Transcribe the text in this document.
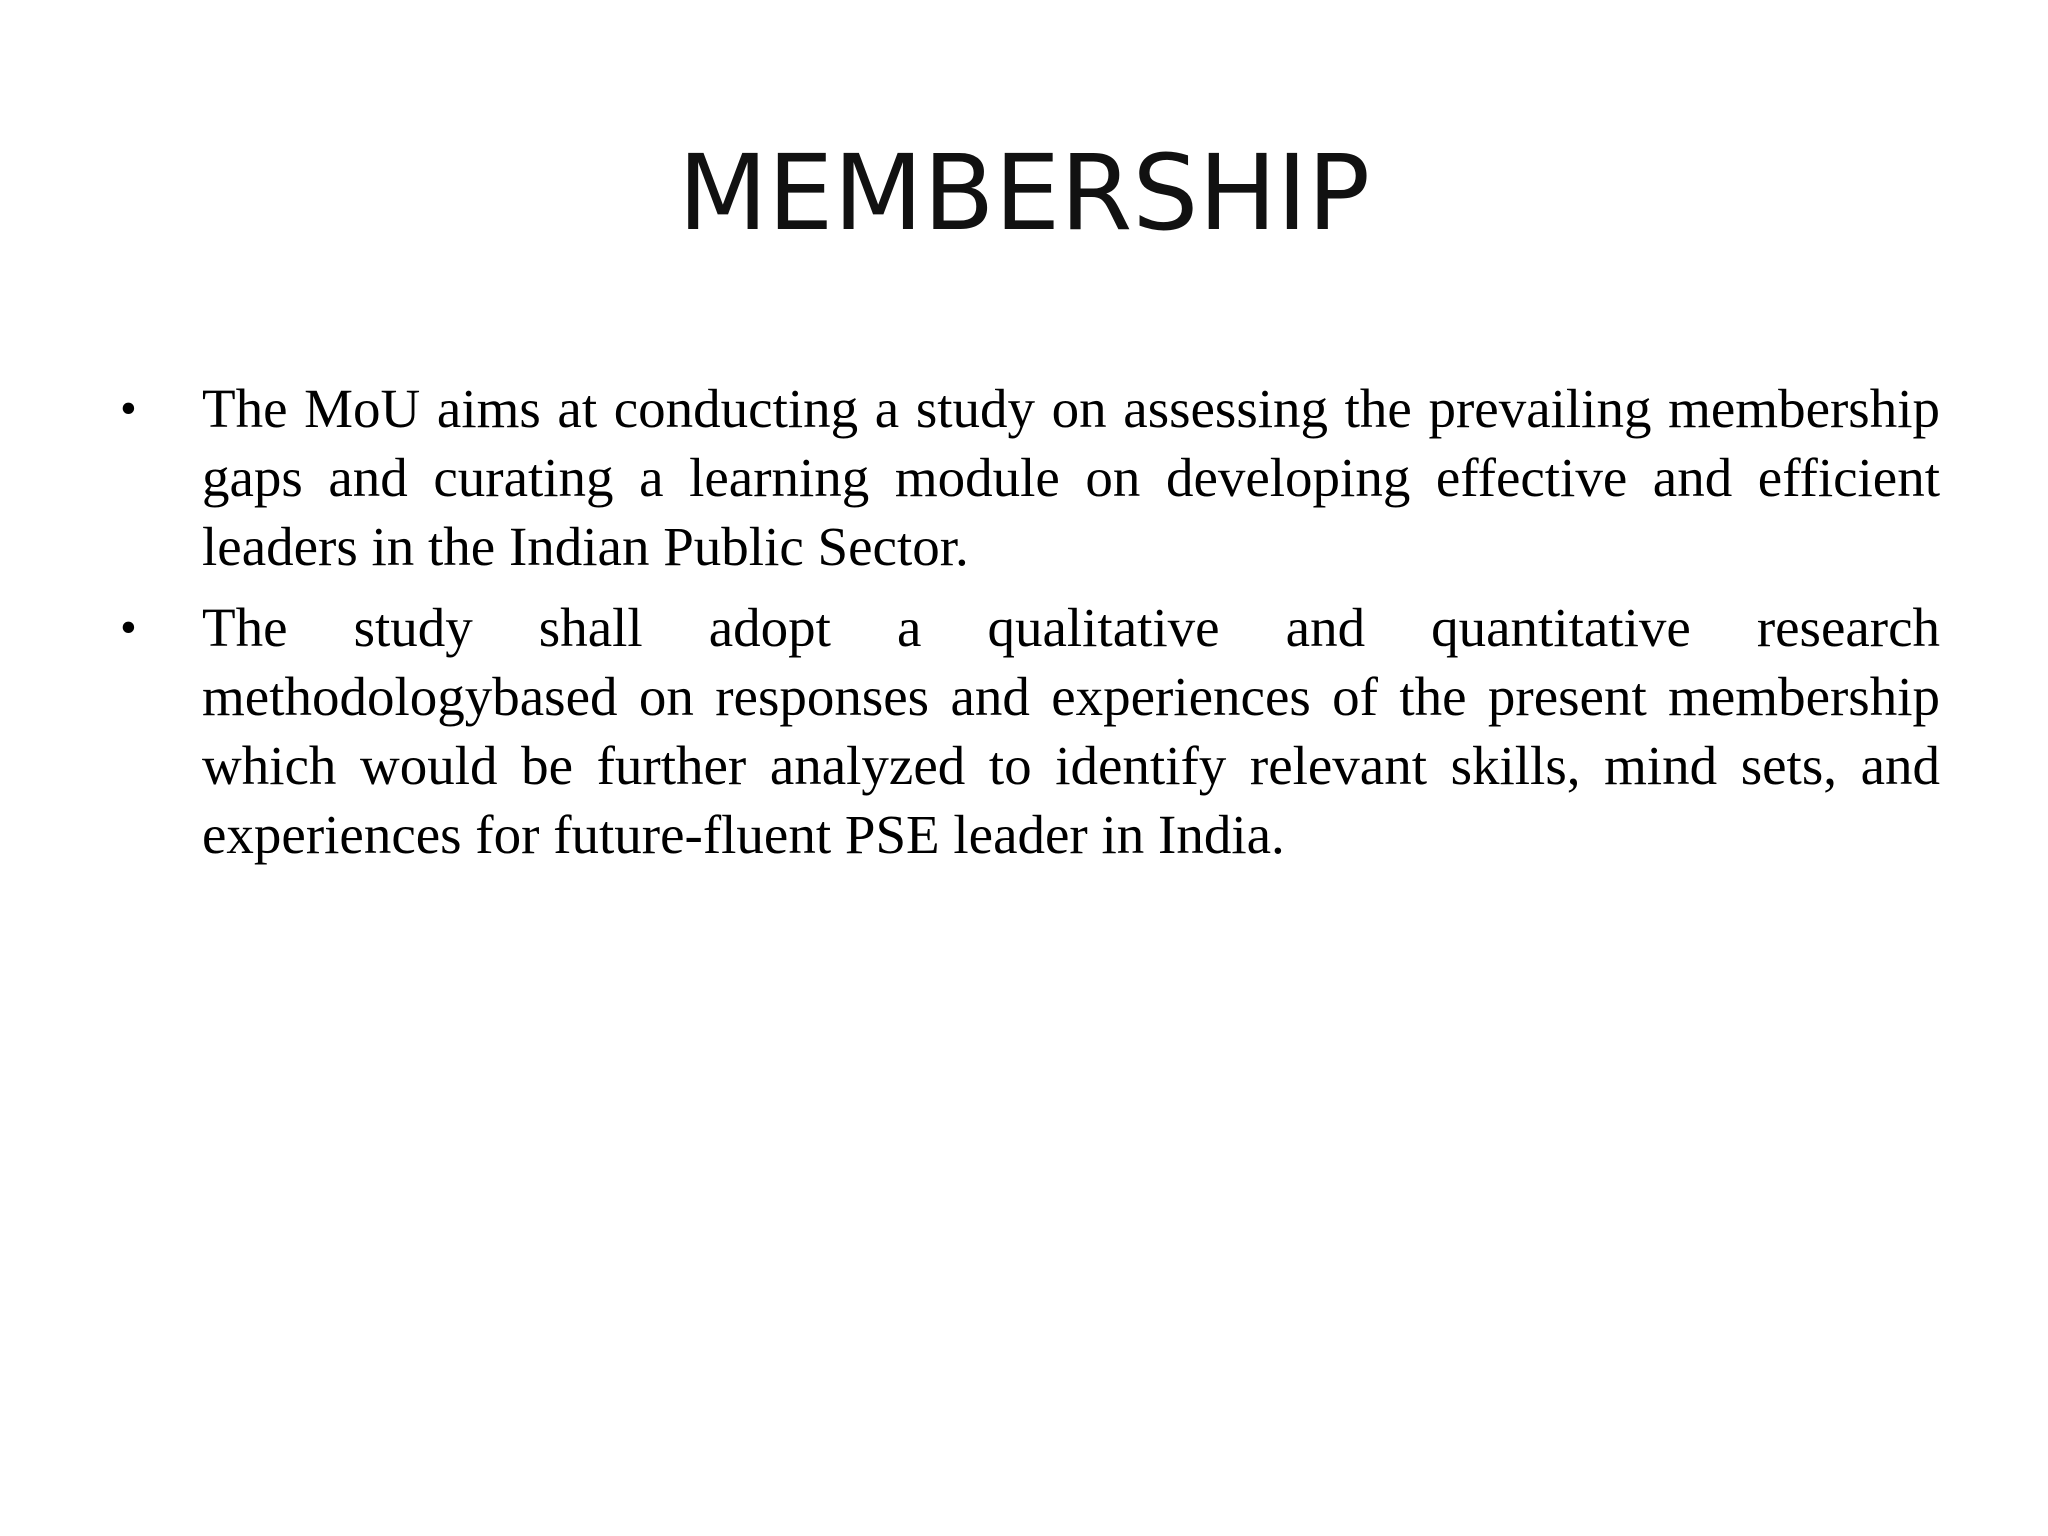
MEMBERSHIP
•	The MoU aims at conducting a study on assessing the prevailing membership gaps and curating a learning module on developing effective and efficient leaders in the Indian Public Sector.
•	The study shall adopt a qualitative and quantitative research methodologybased on responses and experiences of the present membership which would be further analyzed to identify relevant skills, mind sets, and experiences for future-fluent PSE leader in India.
